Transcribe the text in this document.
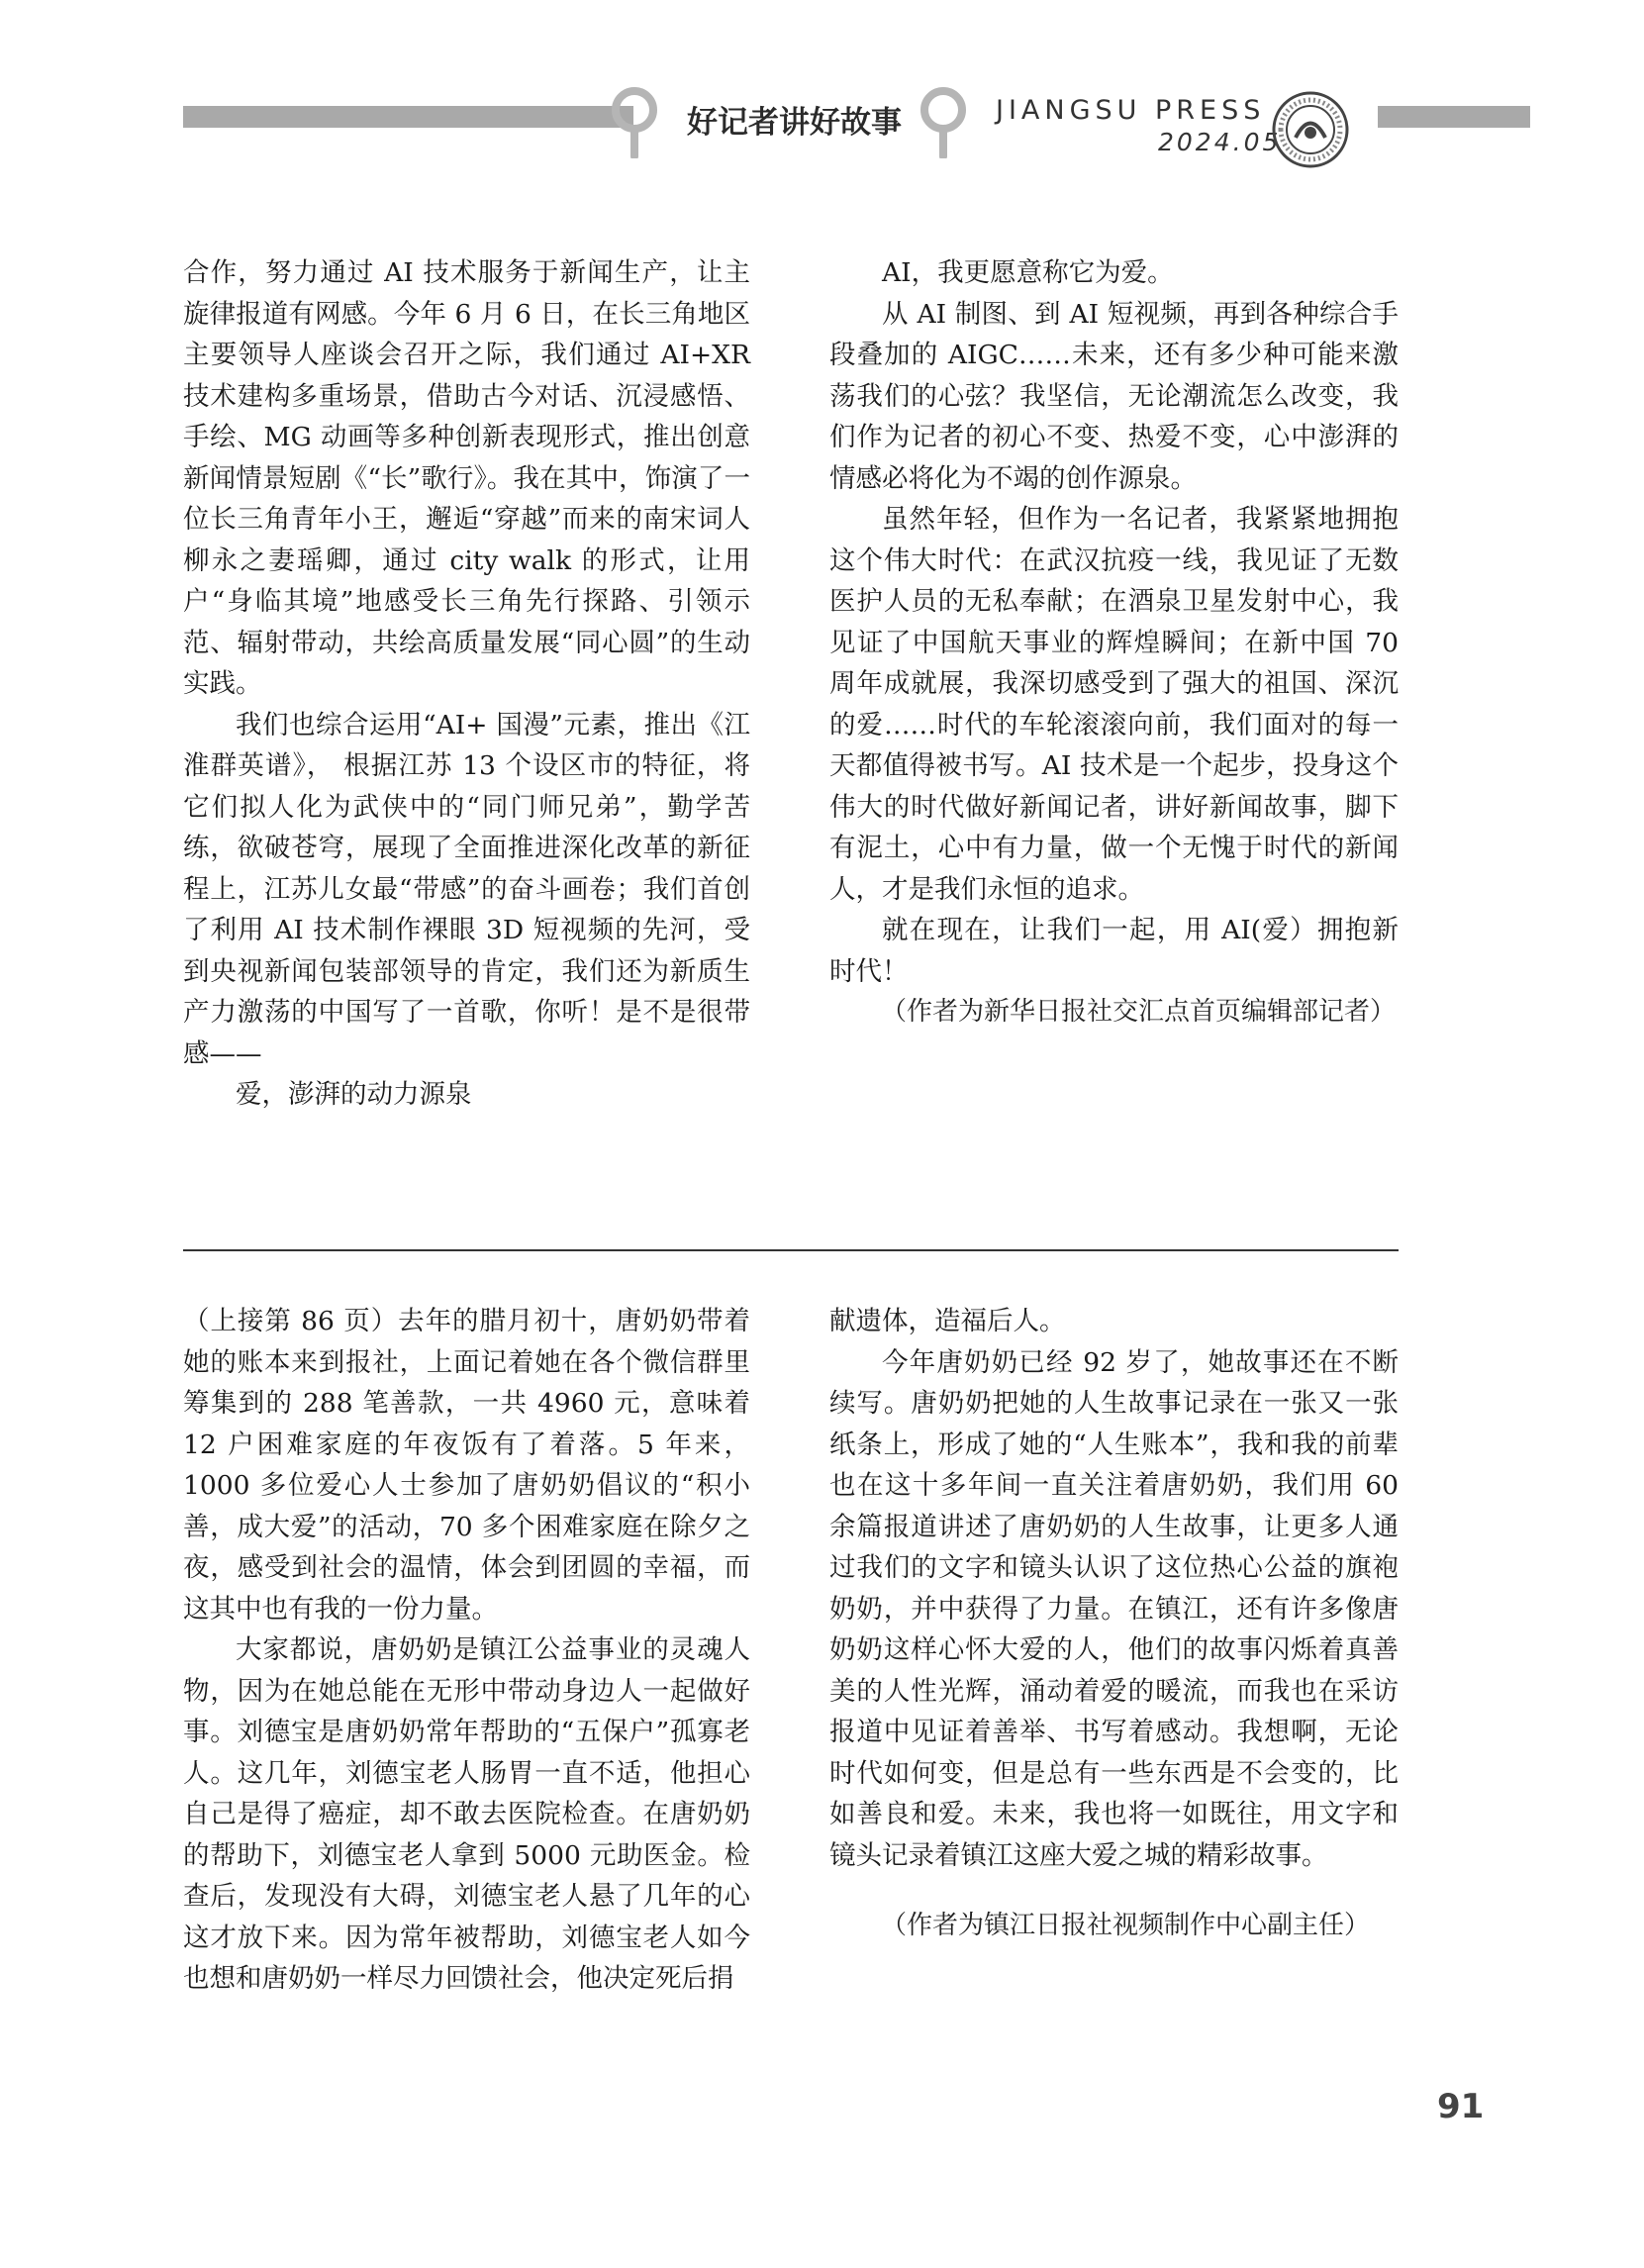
好记者讲好故事	JIANGSU PRESS
2024.05

合作，努力通过 AI 技术服务于新闻生产，让主旋律报道有网感。今年 6 月 6 日，在长三角地区主要领导人座谈会召开之际，我们通过 AI+XR 技术建构多重场景，借助古今对话、沉浸感悟、手绘、MG 动画等多种创新表现形式，推出创意新闻情景短剧《“长”歌行》。我在其中，饰演了一位长三角青年小王，邂逅“穿越”而来的南宋词人柳永之妻瑶卿，通过 city walk 的形式，让用户“身临其境”地感受长三角先行探路、引领示范、辐射带动，共绘高质量发展“同心圆”的生动实践。

我们也综合运用“AI+ 国漫”元素，推出《江淮群英谱》， 根据江苏 13 个设区市的特征，将它们拟人化为武侠中的“同门师兄弟”，勤学苦练，欲破苍穹，展现了全面推进深化改革的新征程上，江苏儿女最“带感”的奋斗画卷；我们首创了利用 AI 技术制作裸眼 3D 短视频的先河，受到央视新闻包装部领导的肯定，我们还为新质生产力激荡的中国写了一首歌，你听！是不是很带感——

爱，澎湃的动力源泉

AI，我更愿意称它为爱。

从 AI 制图、到 AI 短视频，再到各种综合手段叠加的 AIGC……未来，还有多少种可能来激荡我们的心弦？我坚信，无论潮流怎么改变，我们作为记者的初心不变、热爱不变，心中澎湃的情感必将化为不竭的创作源泉。

虽然年轻，但作为一名记者，我紧紧地拥抱这个伟大时代：在武汉抗疫一线，我见证了无数医护人员的无私奉献；在酒泉卫星发射中心，我见证了中国航天事业的辉煌瞬间；在新中国 70 周年成就展，我深切感受到了强大的祖国、深沉的爱……时代的车轮滚滚向前，我们面对的每一天都值得被书写。AI 技术是一个起步，投身这个伟大的时代做好新闻记者，讲好新闻故事，脚下有泥土，心中有力量，做一个无愧于时代的新闻人，才是我们永恒的追求。

就在现在，让我们一起，用 AI(爱）拥抱新时代！

（作者为新华日报社交汇点首页编辑部记者）

（上接第 86 页）去年的腊月初十，唐奶奶带着她的账本来到报社，上面记着她在各个微信群里筹集到的 288 笔善款，一共 4960 元，意味着 12 户困难家庭的年夜饭有了着落。5 年来，1000 多位爱心人士参加了唐奶奶倡议的“积小善，成大爱”的活动，70 多个困难家庭在除夕之夜，感受到社会的温情，体会到团圆的幸福，而这其中也有我的一份力量。

大家都说，唐奶奶是镇江公益事业的灵魂人物，因为在她总能在无形中带动身边人一起做好事。刘德宝是唐奶奶常年帮助的“五保户”孤寡老人。这几年，刘德宝老人肠胃一直不适，他担心自己是得了癌症，却不敢去医院检查。在唐奶奶的帮助下，刘德宝老人拿到 5000 元助医金。检查后，发现没有大碍，刘德宝老人悬了几年的心这才放下来。因为常年被帮助，刘德宝老人如今也想和唐奶奶一样尽力回馈社会，他决定死后捐

献遗体，造福后人。

今年唐奶奶已经 92 岁了，她故事还在不断续写。唐奶奶把她的人生故事记录在一张又一张纸条上，形成了她的“人生账本”，我和我的前辈也在这十多年间一直关注着唐奶奶，我们用 60 余篇报道讲述了唐奶奶的人生故事，让更多人通过我们的文字和镜头认识了这位热心公益的旗袍奶奶，并中获得了力量。在镇江，还有许多像唐奶奶这样心怀大爱的人，他们的故事闪烁着真善美的人性光辉，涌动着爱的暖流，而我也在采访报道中见证着善举、书写着感动。我想啊，无论时代如何变，但是总有一些东西是不会变的，比如善良和爱。未来，我也将一如既往，用文字和镜头记录着镇江这座大爱之城的精彩故事。

（作者为镇江日报社视频制作中心副主任）

91
